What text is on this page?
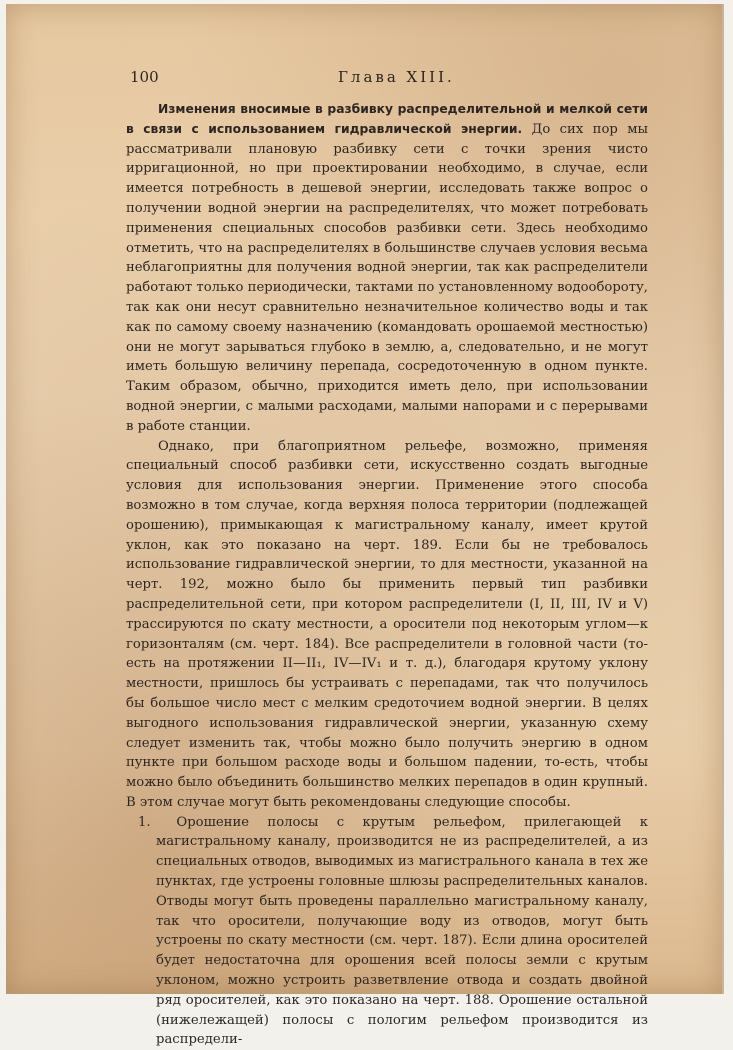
100	Глава XIII.

Изменения вносимые в разбивку распределительной и мелкой сети в связи с использованием гидравлической энергии. До сих пор мы рассматривали плановую разбивку сети с точки зрения чисто ирригационной, но при проектировании необходимо, в случае, если имеется потребность в дешевой энергии, исследовать также вопрос о получении водной энергии на распределителях, что может потребовать применения специальных способов разбивки сети. Здесь необходимо отметить, что на распределителях в большинстве случаев условия весьма неблагоприятны для получения водной энергии, так как распределители работают только периодически, тактами по установленному водообороту, так как они несут сравнительно незначительное количество воды и так как по самому своему назначению (командовать орошаемой местностью) они не могут зарываться глубоко в землю, а, следовательно, и не могут иметь большую величину перепада, сосредоточенную в одном пункте. Таким образом, обычно, приходится иметь дело, при использовании водной энергии, с малыми расходами, малыми напорами и с перерывами в работе станции.

Однако, при благоприятном рельефе, возможно, применяя специальный способ разбивки сети, искусственно создать выгодные условия для использования энергии. Применение этого способа возможно в том случае, когда верхняя полоса территории (подлежащей орошению), примыкающая к магистральному каналу, имеет крутой уклон, как это показано на черт. 189. Если бы не требовалось использование гидравлической энергии, то для местности, указанной на черт. 192, можно было бы применить первый тип разбивки распределительной сети, при котором распределители (I, II, III, IV и V) трассируются по скату местности, а оросители под некоторым углом—к горизонталям (см. черт. 184). Все распределители в головной части (то-есть на протяжении II—II₁, IV—IV₁ и т. д.), благодаря крутому уклону местности, пришлось бы устраивать с перепадами, так что получилось бы большое число мест с мелким средоточием водной энергии. В целях выгодного использования гидравлической энергии, указанную схему следует изменить так, чтобы можно было получить энергию в одном пункте при большом расходе воды и большом падении, то-есть, чтобы можно было объединить большинство мелких перепадов в один крупный. В этом случае могут быть рекомендованы следующие способы.

1. Орошение полосы с крутым рельефом, прилегающей к магистральному каналу, производится не из распределителей, а из специальных отводов, выводимых из магистрального канала в тех же пунктах, где устроены головные шлюзы распределительных каналов. Отводы могут быть проведены параллельно магистральному каналу, так что оросители, получающие воду из отводов, могут быть устроены по скату местности (см. черт. 187). Если длина оросителей будет недостаточна для орошения всей полосы земли с крутым уклоном, можно устроить разветвление отвода и создать двойной ряд оросителей, как это показано на черт. 188. Орошение остальной (нижележащей) полосы с пологим рельефом производится из распредели-
